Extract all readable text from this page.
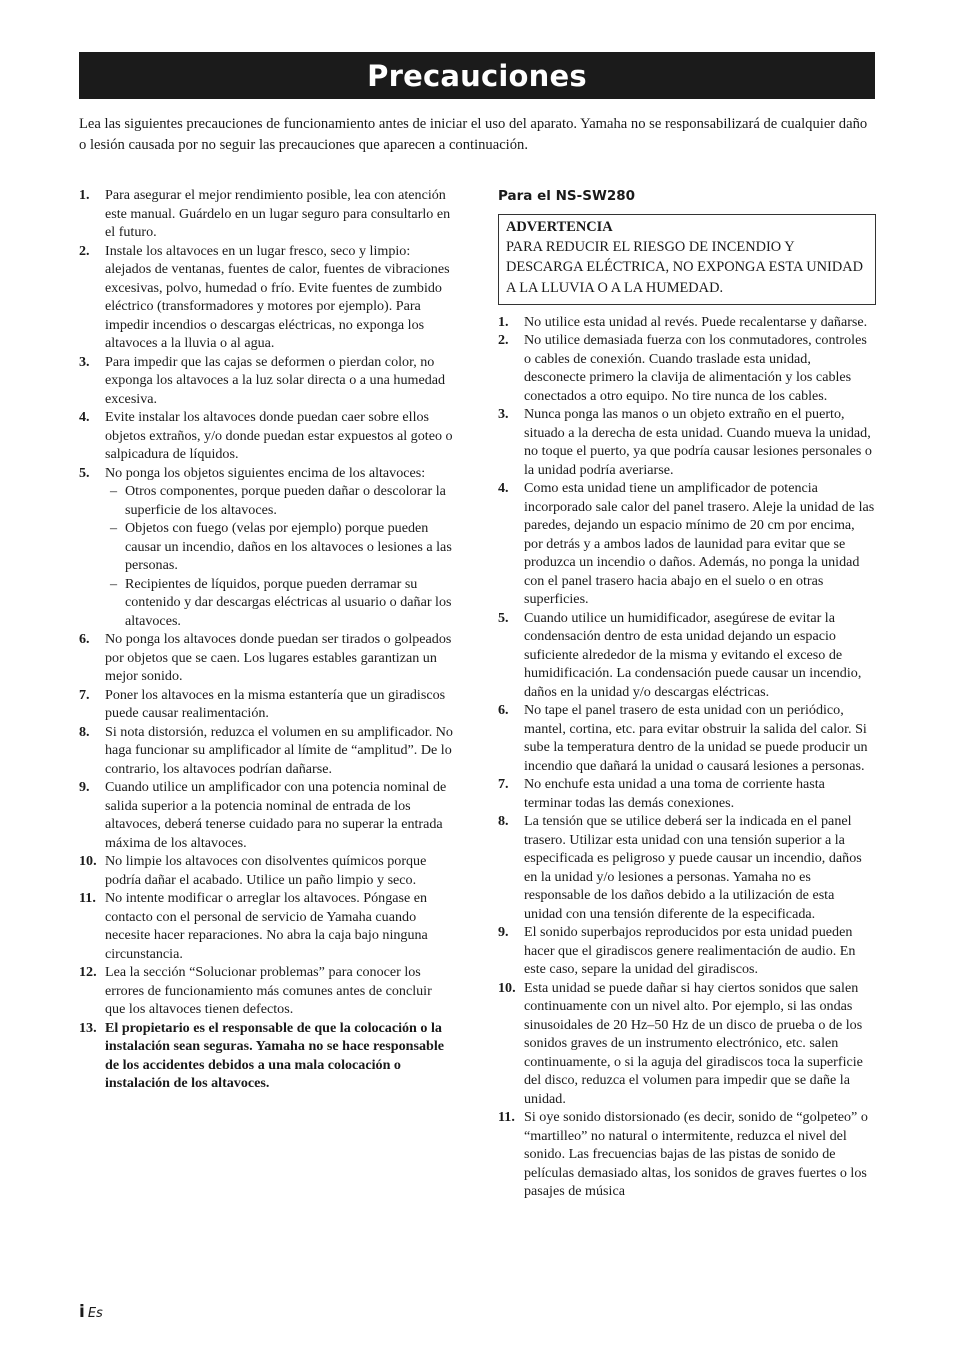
Precauciones

Lea las siguientes precauciones de funcionamiento antes de iniciar el uso del aparato. Yamaha no se responsabilizará de cualquier daño o lesión causada por no seguir las precauciones que aparecen a continuación.

1. Para asegurar el mejor rendimiento posible, lea con atención este manual. Guárdelo en un lugar seguro para consultarlo en el futuro.
2. Instale los altavoces en un lugar fresco, seco y limpio: alejados de ventanas, fuentes de calor, fuentes de vibraciones excesivas, polvo, humedad o frío. Evite fuentes de zumbido eléctrico (transformadores y motores por ejemplo). Para impedir incendios o descargas eléctricas, no exponga los altavoces a la lluvia o al agua.
3. Para impedir que las cajas se deformen o pierdan color, no exponga los altavoces a la luz solar directa o a una humedad excesiva.
4. Evite instalar los altavoces donde puedan caer sobre ellos objetos extraños, y/o donde puedan estar expuestos al goteo o salpicadura de líquidos.
5. No ponga los objetos siguientes encima de los altavoces:
– Otros componentes, porque pueden dañar o descolorar la superficie de los altavoces.
– Objetos con fuego (velas por ejemplo) porque pueden causar un incendio, daños en los altavoces o lesiones a las personas.
– Recipientes de líquidos, porque pueden derramar su contenido y dar descargas eléctricas al usuario o dañar los altavoces.
6. No ponga los altavoces donde puedan ser tirados o golpeados por objetos que se caen. Los lugares estables garantizan un mejor sonido.
7. Poner los altavoces en la misma estantería que un giradiscos puede causar realimentación.
8. Si nota distorsión, reduzca el volumen en su amplificador. No haga funcionar su amplificador al límite de “amplitud”. De lo contrario, los altavoces podrían dañarse.
9. Cuando utilice un amplificador con una potencia nominal de salida superior a la potencia nominal de entrada de los altavoces, deberá tenerse cuidado para no superar la entrada máxima de los altavoces.
10. No limpie los altavoces con disolventes químicos porque podría dañar el acabado. Utilice un paño limpio y seco.
11. No intente modificar o arreglar los altavoces. Póngase en contacto con el personal de servicio de Yamaha cuando necesite hacer reparaciones. No abra la caja bajo ninguna circunstancia.
12. Lea la sección “Solucionar problemas” para conocer los errores de funcionamiento más comunes antes de concluir que los altavoces tienen defectos.
13. El propietario es el responsable de que la colocación o la instalación sean seguras. Yamaha no se hace responsable de los accidentes debidos a una mala colocación o instalación de los altavoces.
Para el NS-SW280
ADVERTENCIA
PARA REDUCIR EL RIESGO DE INCENDIO Y DESCARGA ELÉCTRICA, NO EXPONGA ESTA UNIDAD A LA LLUVIA O A LA HUMEDAD.
1. No utilice esta unidad al revés. Puede recalentarse y dañarse.
2. No utilice demasiada fuerza con los conmutadores, controles o cables de conexión. Cuando traslade esta unidad, desconecte primero la clavija de alimentación y los cables conectados a otro equipo. No tire nunca de los cables.
3. Nunca ponga las manos o un objeto extraño en el puerto, situado a la derecha de esta unidad. Cuando mueva la unidad, no toque el puerto, ya que podría causar lesiones personales o la unidad podría averiarse.
4. Como esta unidad tiene un amplificador de potencia incorporado sale calor del panel trasero. Aleje la unidad de las paredes, dejando un espacio mínimo de 20 cm por encima, por detrás y a ambos lados de launidad para evitar que se produzca un incendio o daños. Además, no ponga la unidad con el panel trasero hacia abajo en el suelo o en otras superficies.
5. Cuando utilice un humidificador, asegúrese de evitar la condensación dentro de esta unidad dejando un espacio suficiente alrededor de la misma y evitando el exceso de humidificación. La condensación puede causar un incendio, daños en la unidad y/o descargas eléctricas.
6. No tape el panel trasero de esta unidad con un periódico, mantel, cortina, etc. para evitar obstruir la salida del calor. Si sube la temperatura dentro de la unidad se puede producir un incendio que dañará la unidad o causará lesiones a personas.
7. No enchufe esta unidad a una toma de corriente hasta terminar todas las demás conexiones.
8. La tensión que se utilice deberá ser la indicada en el panel trasero. Utilizar esta unidad con una tensión superior a la especificada es peligroso y puede causar un incendio, daños en la unidad y/o lesiones a personas. Yamaha no es responsable de los daños debido a la utilización de esta unidad con una tensión diferente de la especificada.
9. El sonido superbajos reproducidos por esta unidad pueden hacer que el giradiscos genere realimentación de audio. En este caso, separe la unidad del giradiscos.
10. Esta unidad se puede dañar si hay ciertos sonidos que salen continuamente con un nivel alto. Por ejemplo, si las ondas sinusoidales de 20 Hz–50 Hz de un disco de prueba o de los sonidos graves de un instrumento electrónico, etc. salen continuamente, o si la aguja del giradiscos toca la superficie del disco, reduzca el volumen para impedir que se dañe la unidad.
11. Si oye sonido distorsionado (es decir, sonido de “golpeteo” o “martilleo” no natural o intermitente, reduzca el nivel del sonido. Las frecuencias bajas de las pistas de sonido de películas demasiado altas, los sonidos de graves fuertes o los pasajes de música
i Es
